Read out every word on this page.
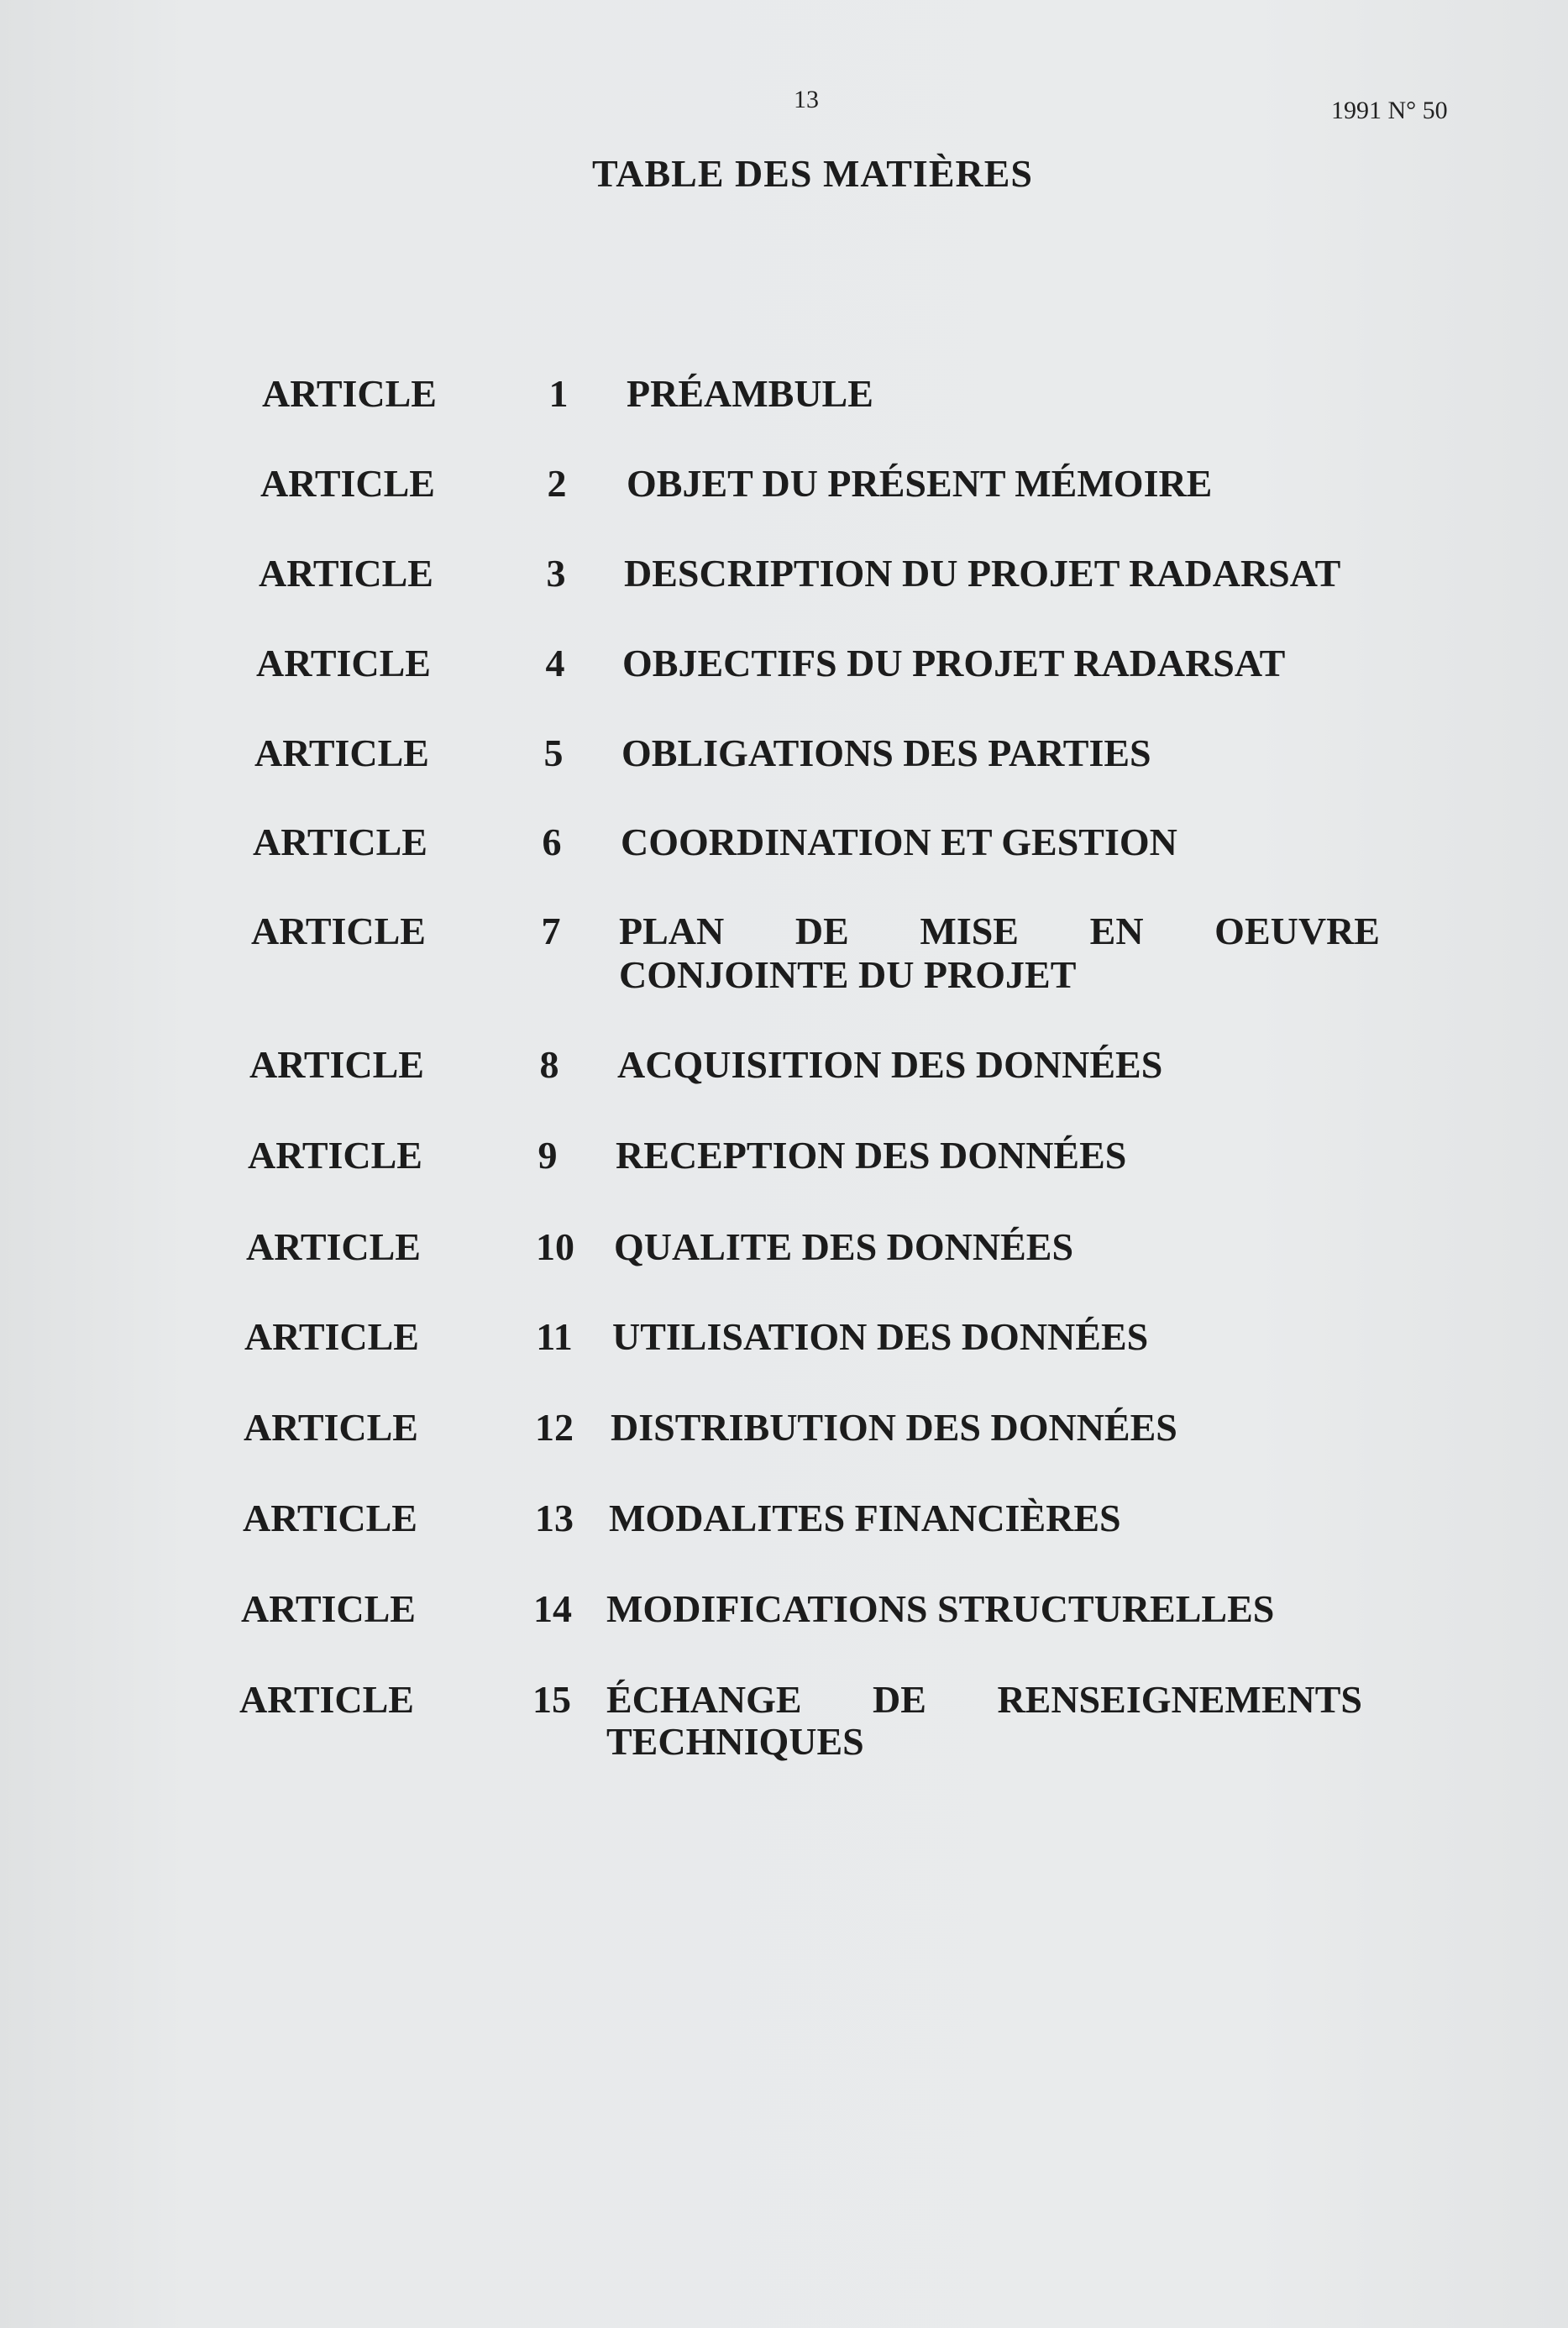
13	1991 N° 50
TABLE DES MATIÈRES
ARTICLE	1	PRÉAMBULE
ARTICLE	2	OBJET DU PRÉSENT MÉMOIRE
ARTICLE	3	DESCRIPTION DU PROJET RADARSAT
ARTICLE	4	OBJECTIFS DU PROJET RADARSAT
ARTICLE	5	OBLIGATIONS DES PARTIES
ARTICLE	6	COORDINATION ET GESTION
ARTICLE	7	PLAN DE MISE EN OEUVRE
CONJOINTE DU PROJET
ARTICLE	8	ACQUISITION DES DONNÉES
ARTICLE	9	RECEPTION DES DONNÉES
ARTICLE	10 QUALITE DES DONNÉES
ARTICLE	11 UTILISATION DES DONNÉES
ARTICLE	12 DISTRIBUTION DES DONNÉES
ARTICLE	13 MODALITES FINANCIÈRES
ARTICLE	14 MODIFICATIONS STRUCTURELLES
ARTICLE	15 ÉCHANGE DE RENSEIGNEMENTS
TECHNIQUES
